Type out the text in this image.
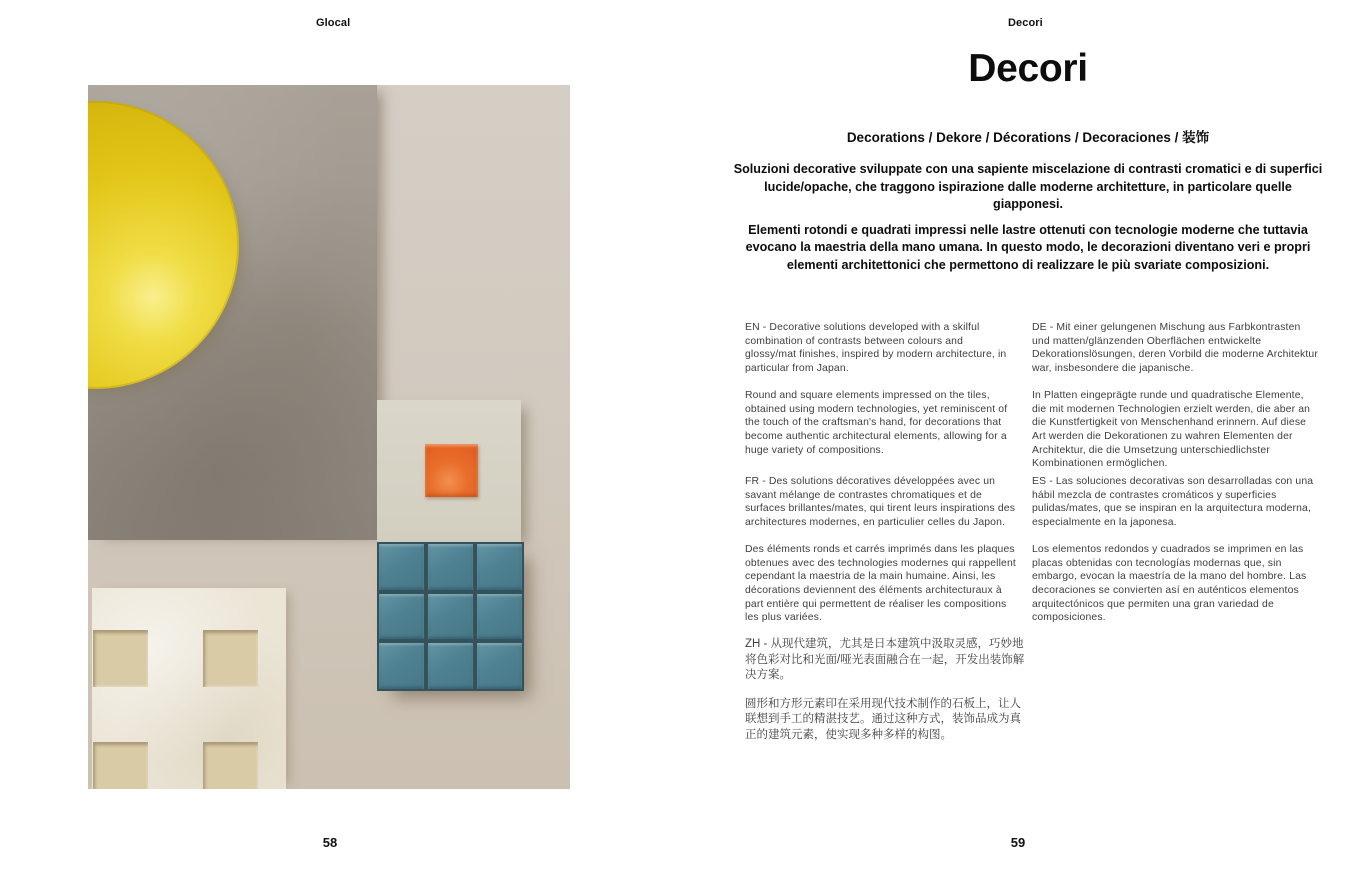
Glocal	Decori
Decori
Decorations / Dekore / Décorations / Decoraciones / 装饰

Soluzioni decorative sviluppate con una sapiente miscelazione di contrasti cromatici e di superfici lucide/opache, che traggono ispirazione dalle moderne architetture, in particolare quelle giapponesi.

Elementi rotondi e quadrati impressi nelle lastre ottenuti con tecnologie moderne che tuttavia evocano la maestria della mano umana. In questo modo, le decorazioni diventano veri e propri elementi architettonici che permettono di realizzare le più svariate composizioni.

EN - Decorative solutions developed with a skilful combination of contrasts between colours and glossy/mat finishes, inspired by modern architecture, in particular from Japan.

Round and square elements impressed on the tiles, obtained using modern technologies, yet reminiscent of the touch of the craftsman's hand, for decorations that become authentic architectural elements, allowing for a huge variety of compositions.

DE - Mit einer gelungenen Mischung aus Farbkontrasten und matten/glänzenden Oberflächen entwickelte Dekorationslösungen, deren Vorbild die moderne Architektur war, insbesondere die japanische.

In Platten eingeprägte runde und quadratische Elemente, die mit modernen Technologien erzielt werden, die aber an die Kunstfertigkeit von Menschenhand erinnern. Auf diese Art werden die Dekorationen zu wahren Elementen der Architektur, die die Umsetzung unterschiedlichster Kombinationen ermöglichen.

FR - Des solutions décoratives développées avec un savant mélange de contrastes chromatiques et de surfaces brillantes/mates, qui tirent leurs inspirations des architectures modernes, en particulier celles du Japon.

Des éléments ronds et carrés imprimés dans les plaques obtenues avec des technologies modernes qui rappellent cependant la maestria de la main humaine. Ainsi, les décorations deviennent des éléments architecturaux à part entière qui permettent de réaliser les compositions les plus variées.

ES - Las soluciones decorativas son desarrolladas con una hábil mezcla de contrastes cromáticos y superficies pulidas/mates, que se inspiran en la arquitectura moderna, especialmente en la japonesa.

Los elementos redondos y cuadrados se imprimen en las placas obtenidas con tecnologías modernas que, sin embargo, evocan la maestría de la mano del hombre. Las decoraciones se convierten así en auténticos elementos arquitectónicos que permiten una gran variedad de composiciones.

ZH - 从现代建筑，尤其是日本建筑中汲取灵感，巧妙地将色彩对比和光面/哑光表面融合在一起，开发出装饰解决方案。

圆形和方形元素印在采用现代技术制作的石板上，让人联想到手工的精湛技艺。通过这种方式，装饰品成为真正的建筑元素，使实现多种多样的构图。

58	59
